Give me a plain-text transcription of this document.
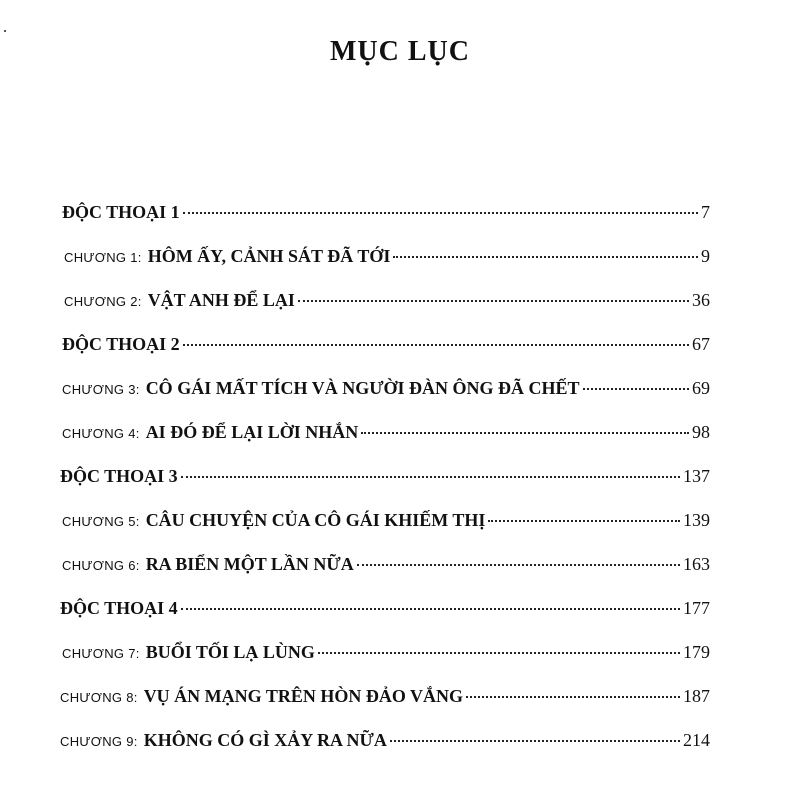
MỤC LỤC
ĐỘC THOẠI 1	7
CHƯƠNG 1: HÔM ẤY, CẢNH SÁT ĐÃ TỚI	9
CHƯƠNG 2: VẬT ANH ĐỂ LẠI	36
ĐỘC THOẠI 2	67
CHƯƠNG 3: CÔ GÁI MẤT TÍCH VÀ NGƯỜI ĐÀN ÔNG ĐÃ CHẾT	69
CHƯƠNG 4: AI ĐÓ ĐỂ LẠI LỜI NHẮN	98
ĐỘC THOẠI 3	137
CHƯƠNG 5: CÂU CHUYỆN CỦA CÔ GÁI KHIẾM THỊ	139
CHƯƠNG 6: RA BIỂN MỘT LẦN NỮA	163
ĐỘC THOẠI 4	177
CHƯƠNG 7: BUỔI TỐI LẠ LÙNG	179
CHƯƠNG 8: VỤ ÁN MẠNG TRÊN HÒN ĐẢO VẮNG	187
CHƯƠNG 9: KHÔNG CÓ GÌ XẢY RA NỮA	214
